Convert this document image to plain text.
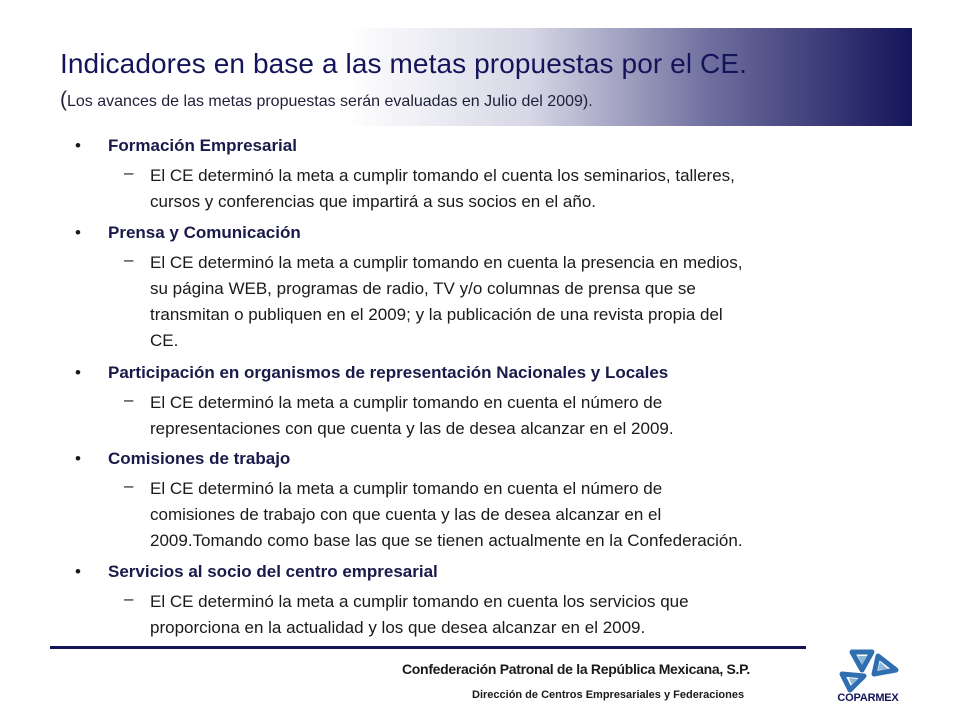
Indicadores en base a las metas propuestas por el CE.
(Los avances de las metas propuestas serán evaluadas en Julio del 2009).
• Formación Empresarial
– El CE determinó la meta a cumplir tomando el cuenta los seminarios, talleres,
cursos y conferencias que impartirá a sus socios en el año.
• Prensa y Comunicación
– El CE determinó la meta a cumplir tomando en cuenta la presencia en medios,
su página WEB, programas de radio, TV y/o columnas de prensa que se
transmitan o publiquen en el 2009; y la publicación de una revista propia del
CE.
• Participación en organismos de representación Nacionales y Locales
– El CE determinó la meta a cumplir tomando en cuenta el número de
representaciones con que cuenta y las de desea alcanzar en el 2009.
• Comisiones de trabajo
– El CE determinó la meta a cumplir tomando en cuenta el número de
comisiones de trabajo con que cuenta y las de desea alcanzar en el
2009.Tomando como base las que se tienen actualmente en la Confederación.
• Servicios al socio del centro empresarial
– El CE determinó la meta a cumplir tomando en cuenta los servicios que
proporciona en la actualidad y los que desea alcanzar en el 2009.
Confederación Patronal de la República Mexicana, S.P.
Dirección de Centros Empresariales y Federaciones	COPARMEX
